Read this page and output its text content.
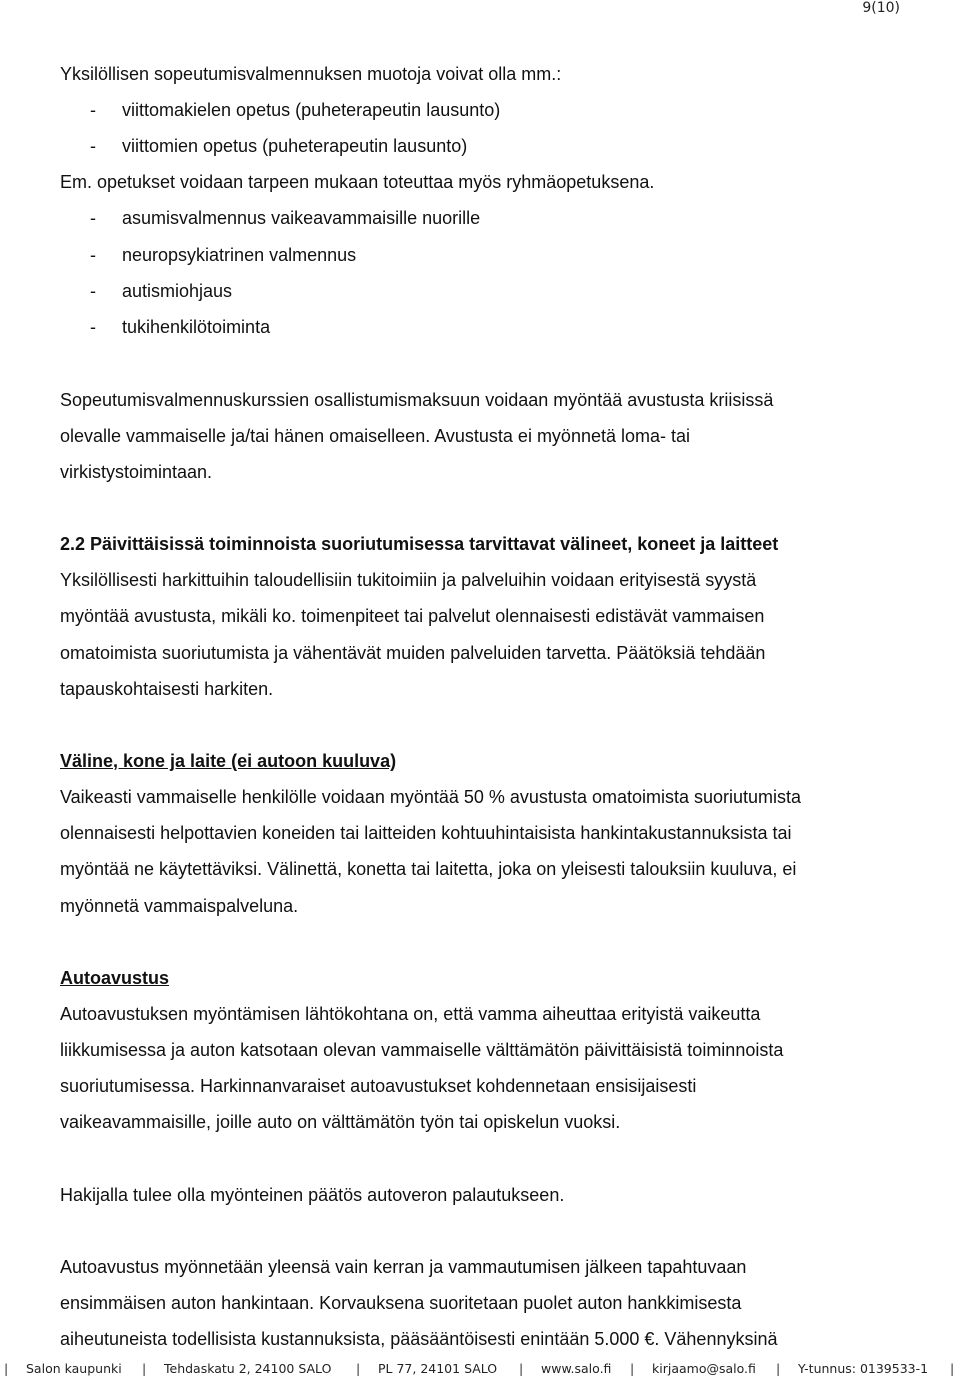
9(10)
Yksilöllisen sopeutumisvalmennuksen muotoja voivat olla mm.:
- viittomakielen opetus (puheterapeutin lausunto)
- viittomien opetus (puheterapeutin lausunto)
Em. opetukset voidaan tarpeen mukaan toteuttaa myös ryhmäopetuksena.
- asumisvalmennus vaikeavammaisille nuorille
- neuropsykiatrinen valmennus
- autismiohjaus
- tukihenkilötoiminta
Sopeutumisvalmennuskurssien osallistumismaksuun voidaan myöntää avustusta kriisissä
olevalle vammaiselle ja/tai hänen omaiselleen. Avustusta ei myönnetä loma- tai
virkistystoimintaan.
2.2 Päivittäisissä toiminnoista suoriutumisessa tarvittavat välineet, koneet ja laitteet
Yksilöllisesti harkittuihin taloudellisiin tukitoimiin ja palveluihin voidaan erityisestä syystä
myöntää avustusta, mikäli ko. toimenpiteet tai palvelut olennaisesti edistävät vammaisen
omatoimista suoriutumista ja vähentävät muiden palveluiden tarvetta. Päätöksiä tehdään
tapauskohtaisesti harkiten.
Väline, kone ja laite (ei autoon kuuluva)
Vaikeasti vammaiselle henkilölle voidaan myöntää 50 % avustusta omatoimista suoriutumista
olennaisesti helpottavien koneiden tai laitteiden kohtuuhintaisista hankintakustannuksista tai
myöntää ne käytettäviksi. Välinettä, konetta tai laitetta, joka on yleisesti talouksiin kuuluva, ei
myönnetä vammaispalveluna.
Autoavustus
Autoavustuksen myöntämisen lähtökohtana on, että vamma aiheuttaa erityistä vaikeutta
liikkumisessa ja auton katsotaan olevan vammaiselle välttämätön päivittäisistä toiminnoista
suoriutumisessa. Harkinnanvaraiset autoavustukset kohdennetaan ensisijaisesti
vaikeavammaisille, joille auto on välttämätön työn tai opiskelun vuoksi.
Hakijalla tulee olla myönteinen päätös autoveron palautukseen.
Autoavustus myönnetään yleensä vain kerran ja vammautumisen jälkeen tapahtuvaan
ensimmäisen auton hankintaan. Korvauksena suoritetaan puolet auton hankkimisesta
aiheutuneista todellisista kustannuksista, pääsääntöisesti enintään 5.000 €. Vähennyksinä
| Salon kaupunki | Tehdaskatu 2, 24100 SALO | PL 77, 24101 SALO | www.salo.fi | kirjaamo@salo.fi | Y-tunnus: 0139533-1 |
